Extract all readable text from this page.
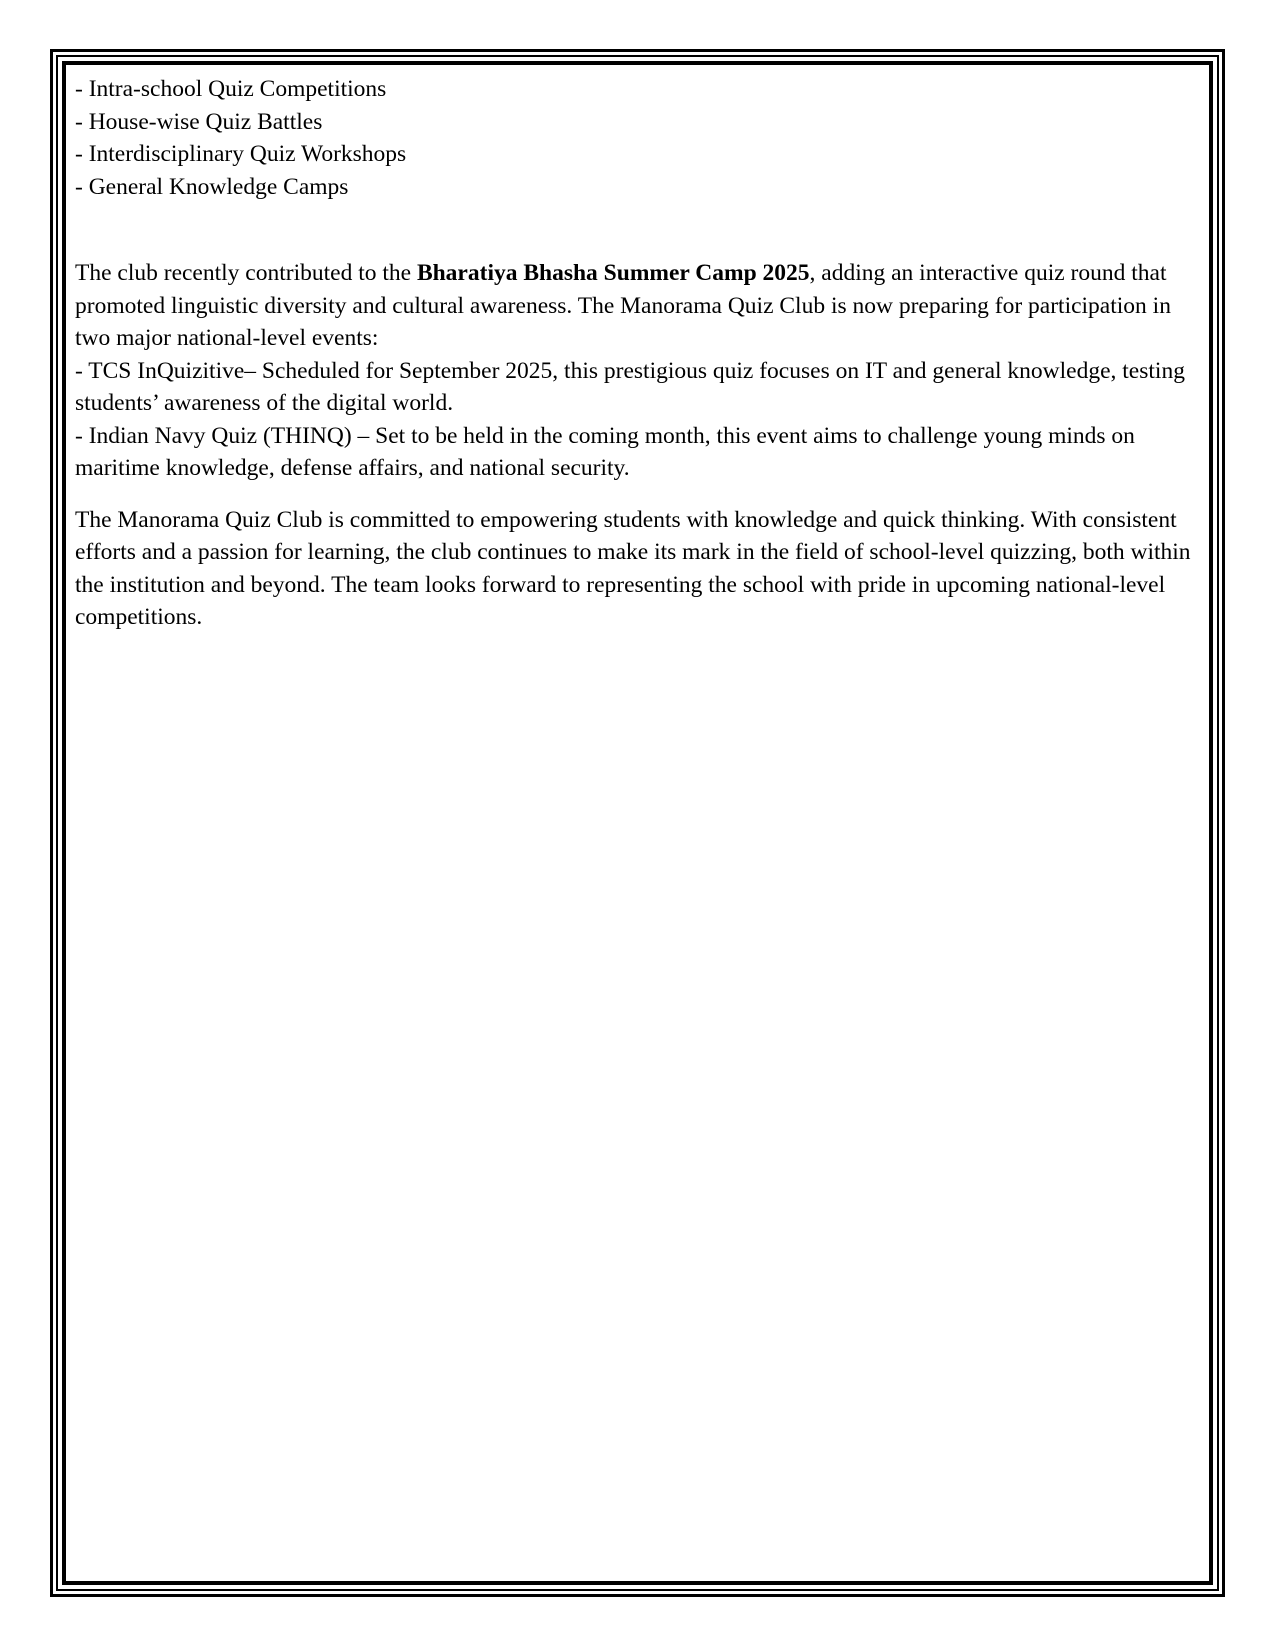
- Intra-school Quiz Competitions
- House-wise Quiz Battles
- Interdisciplinary Quiz Workshops
- General Knowledge Camps

The club recently contributed to the Bharatiya Bhasha Summer Camp 2025, adding an interactive quiz round that promoted linguistic diversity and cultural awareness. The Manorama Quiz Club is now preparing for participation in two major national-level events:

- TCS InQuizitive– Scheduled for September 2025, this prestigious quiz focuses on IT and general knowledge, testing students’ awareness of the digital world.

- Indian Navy Quiz (THINQ) – Set to be held in the coming month, this event aims to challenge young minds on maritime knowledge, defense affairs, and national security.

The Manorama Quiz Club is committed to empowering students with knowledge and quick thinking. With consistent efforts and a passion for learning, the club continues to make its mark in the field of school-level quizzing, both within the institution and beyond. The team looks forward to representing the school with pride in upcoming national-level competitions.
